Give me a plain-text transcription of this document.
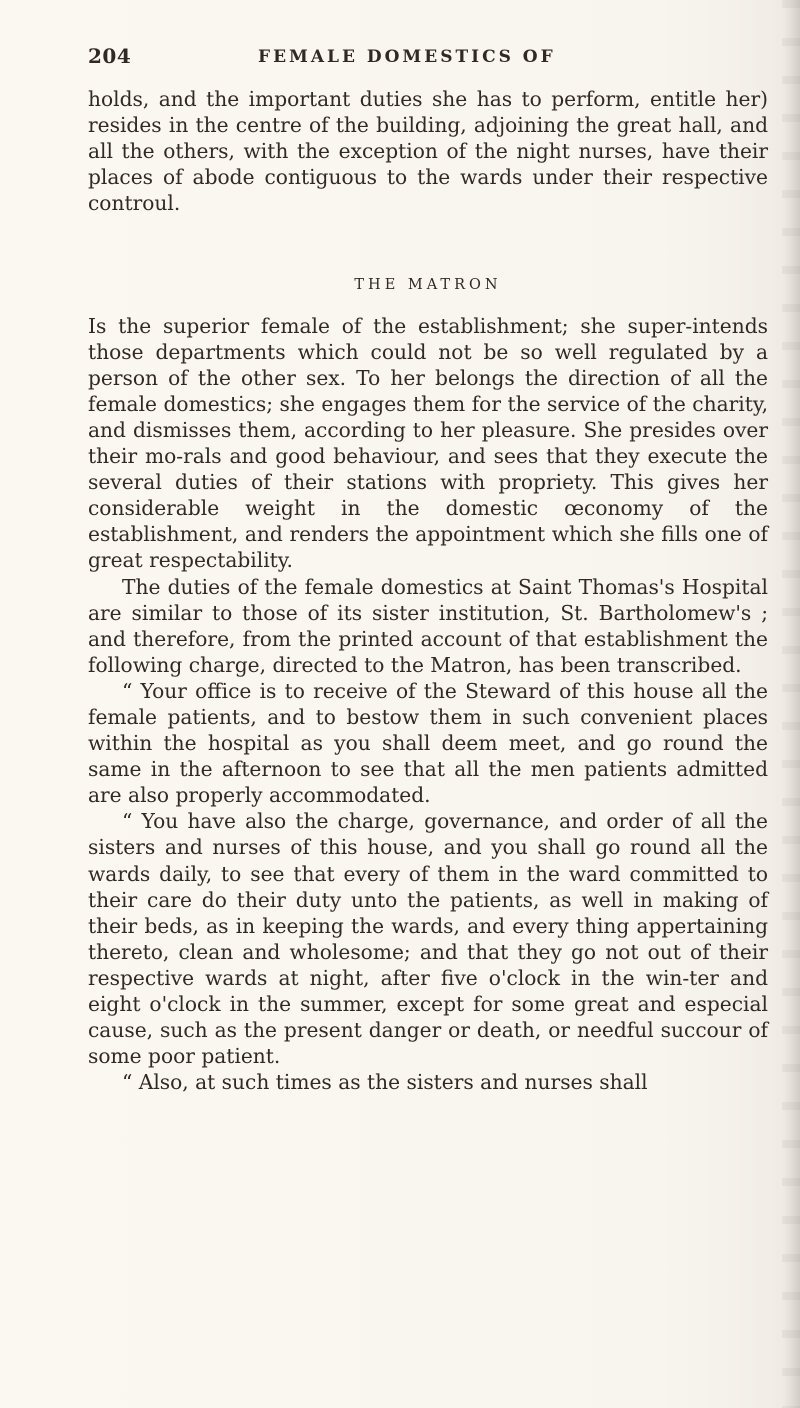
204	FEMALE DOMESTICS OF

holds, and the important duties she has to perform, entitle her) resides in the centre of the building, adjoining the great hall, and all the others, with the exception of the night nurses, have their places of abode contiguous to the wards under their respective controul.

THE MATRON

Is the superior female of the establishment; she super-intends those departments which could not be so well regulated by a person of the other sex. To her belongs the direction of all the female domestics; she engages them for the service of the charity, and dismisses them, according to her pleasure. She presides over their mo-rals and good behaviour, and sees that they execute the several duties of their stations with propriety. This gives her considerable weight in the domestic œconomy of the establishment, and renders the appointment which she fills one of great respectability.

The duties of the female domestics at Saint Thomas's Hospital are similar to those of its sister institution, St. Bartholomew's ; and therefore, from the printed account of that establishment the following charge, directed to the Matron, has been transcribed.

“ Your office is to receive of the Steward of this house all the female patients, and to bestow them in such convenient places within the hospital as you shall deem meet, and go round the same in the afternoon to see that all the men patients admitted are also properly accommodated.

“ You have also the charge, governance, and order of all the sisters and nurses of this house, and you shall go round all the wards daily, to see that every of them in the ward committed to their care do their duty unto the patients, as well in making of their beds, as in keeping the wards, and every thing appertaining thereto, clean and wholesome; and that they go not out of their respective wards at night, after five o'clock in the win-ter and eight o'clock in the summer, except for some great and especial cause, such as the present danger or death, or needful succour of some poor patient.

“ Also, at such times as the sisters and nurses shall
